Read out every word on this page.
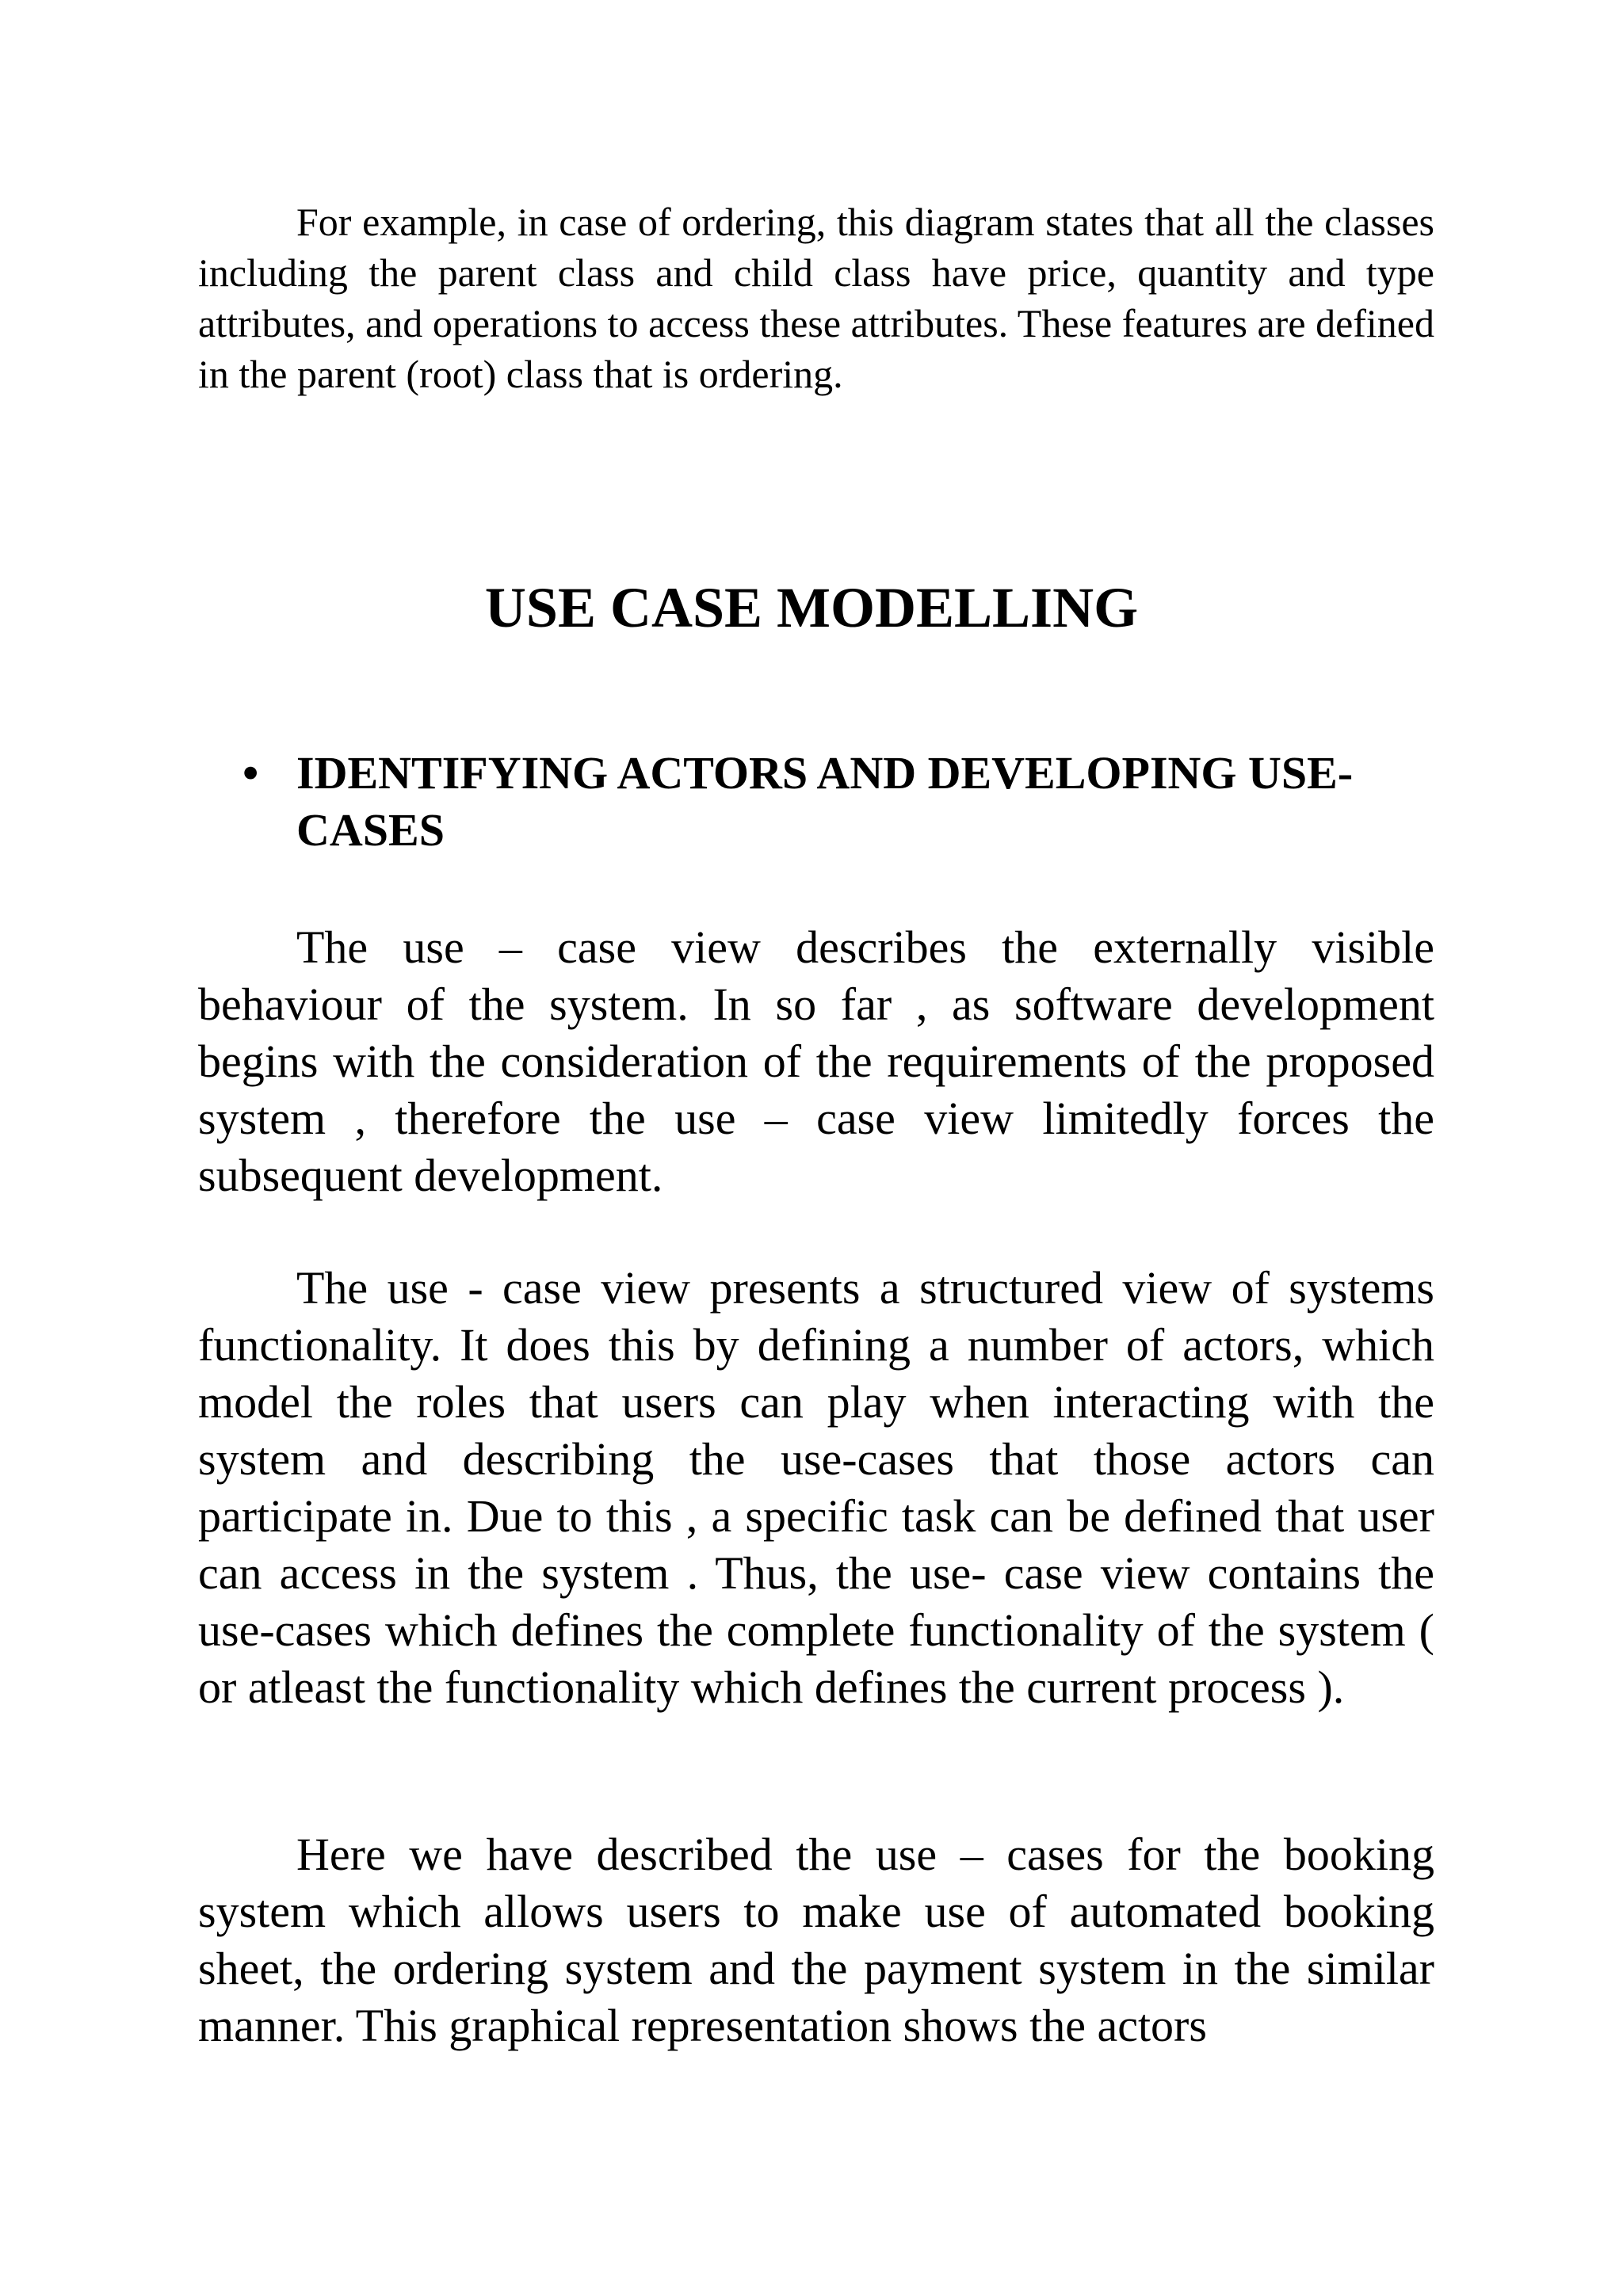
For example, in case of ordering, this diagram states that all the classes including the parent class and child class have price, quantity and type attributes, and operations to access these attributes. These features are defined in the parent (root) class that is ordering.

USE CASE MODELLING
• IDENTIFYING ACTORS AND DEVELOPING USE-CASES

The use – case view describes the externally visible behaviour of the system. In so far , as software development begins with the consideration of the requirements of the proposed system , therefore the use – case view limitedly forces the subsequent development.

The use - case view presents a structured view of systems functionality. It does this by defining a number of actors, which model the roles that users can play when interacting with the system and describing the use-cases that those actors can participate in. Due to this , a specific task can be defined that user can access in the system . Thus, the use- case view contains the use-cases which defines the complete functionality of the system ( or atleast the functionality which defines the current process ).

Here we have described the use – cases for the booking system which allows users to make use of automated booking sheet, the ordering system and the payment system in the similar manner. This graphical representation shows the actors
